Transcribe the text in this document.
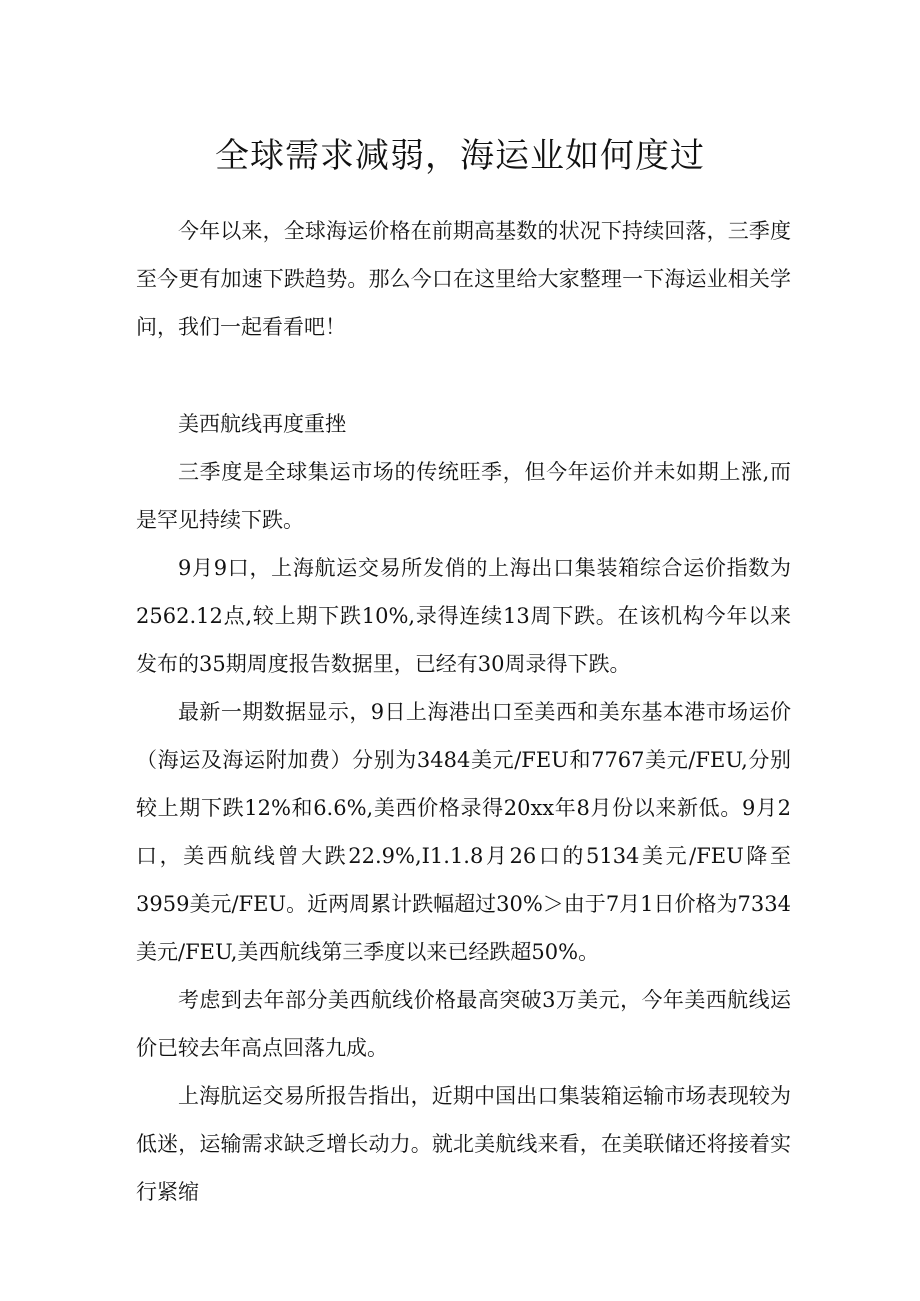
全球需求减弱，海运业如何度过

今年以来，全球海运价格在前期高基数的状况下持续回落，三季度至今更有加速下跌趋势。那么今口在这里给大家整理一下海运业相关学问，我们一起看看吧！

美西航线再度重挫

三季度是全球集运市场的传统旺季，但今年运价并未如期上涨,而是罕见持续下跌。

9月9口，上海航运交易所发俏的上海出口集装箱综合运价指数为2562.12点,较上期下跌10%,录得连续13周下跌。在该机构今年以来发布的35期周度报告数据里，已经有30周录得下跌。

最新一期数据显示，9日上海港出口至美西和美东基本港市场运价（海运及海运附加费）分别为3484美元/FEU和7767美元/FEU,分别较上期下跌12%和6.6%,美西价格录得20xx年8月份以来新低。9月2口，美西航线曾大跌22.9%,I1.1.8月26口的5134美元/FEU降至3959美元/FEU。近两周累计跌幅超过30%＞由于7月1日价格为7334美元/FEU,美西航线第三季度以来已经跌超50%。

考虑到去年部分美西航线价格最高突破3万美元，今年美西航线运价已较去年高点回落九成。

上海肮运交易所报告指出，近期中国出口集装箱运输市场表现较为低迷，运输需求缺乏增长动力。就北美航线来看，在美联储还将接着实行紧缩
